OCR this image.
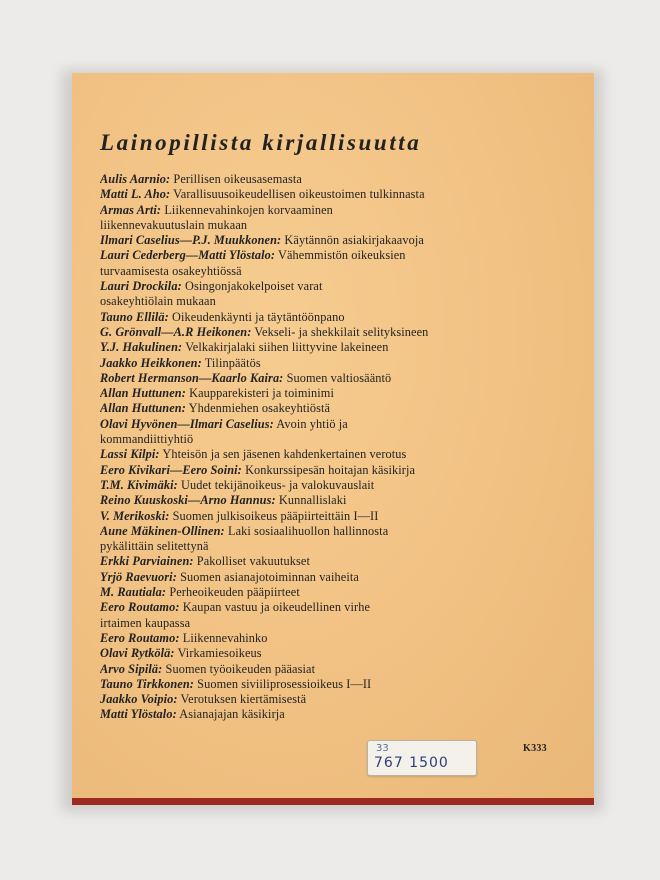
Lainopillista kirjallisuutta
Aulis Aarnio: Perillisen oikeusasemasta
Matti L. Aho: Varallisuusoikeudellisen oikeustoimen tulkinnasta
Armas Arti: Liikennevahinkojen korvaaminen
liikennevakuutuslain mukaan
Ilmari Caselius—P.J. Muukkonen: Käytännön asiakirjakaavoja
Lauri Cederberg—Matti Ylöstalo: Vähemmistön oikeuksien
turvaamisesta osakeyhtiössä
Lauri Drockila: Osingonjakokelpoiset varat
osakeyhtiölain mukaan
Tauno Ellilä: Oikeudenkäynti ja täytäntöönpano
G. Grönvall—A.R Heikonen: Vekseli- ja shekkilait selityksineen
Y.J. Hakulinen: Velkakirjalaki siihen liittyvine lakeineen
Jaakko Heikkonen: Tilinpäätös
Robert Hermanson—Kaarlo Kaira: Suomen valtiosääntö
Allan Huttunen: Kaupparekisteri ja toiminimi
Allan Huttunen: Yhdenmiehen osakeyhtiöstä
Olavi Hyvönen—Ilmari Caselius: Avoin yhtiö ja
kommandiittiyhtiö
Lassi Kilpi: Yhteisön ja sen jäsenen kahdenkertainen verotus
Eero Kivikari—Eero Soini: Konkurssipesän hoitajan käsikirja
T.M. Kivimäki: Uudet tekijänoikeus- ja valokuvauslait
Reino Kuuskoski—Arno Hannus: Kunnallislaki
V. Merikoski: Suomen julkisoikeus pääpiirteittäin I—II
Aune Mäkinen-Ollinen: Laki sosiaalihuollon hallinnosta
pykälittäin selitettynä
Erkki Parviainen: Pakolliset vakuutukset
Yrjö Raevuori: Suomen asianajotoiminnan vaiheita
M. Rautiala: Perheoikeuden pääpiirteet
Eero Routamo: Kaupan vastuu ja oikeudellinen virhe
irtaimen kaupassa
Eero Routamo: Liikennevahinko
Olavi Rytkölä: Virkamiesoikeus
Arvo Sipilä: Suomen työoikeuden pääasiat
Tauno Tirkkonen: Suomen siviiliprosessioikeus I—II
Jaakko Voipio: Verotuksen kiertämisestä
Matti Ylöstalo: Asianajajan käsikirja
K333
33
767 1500
